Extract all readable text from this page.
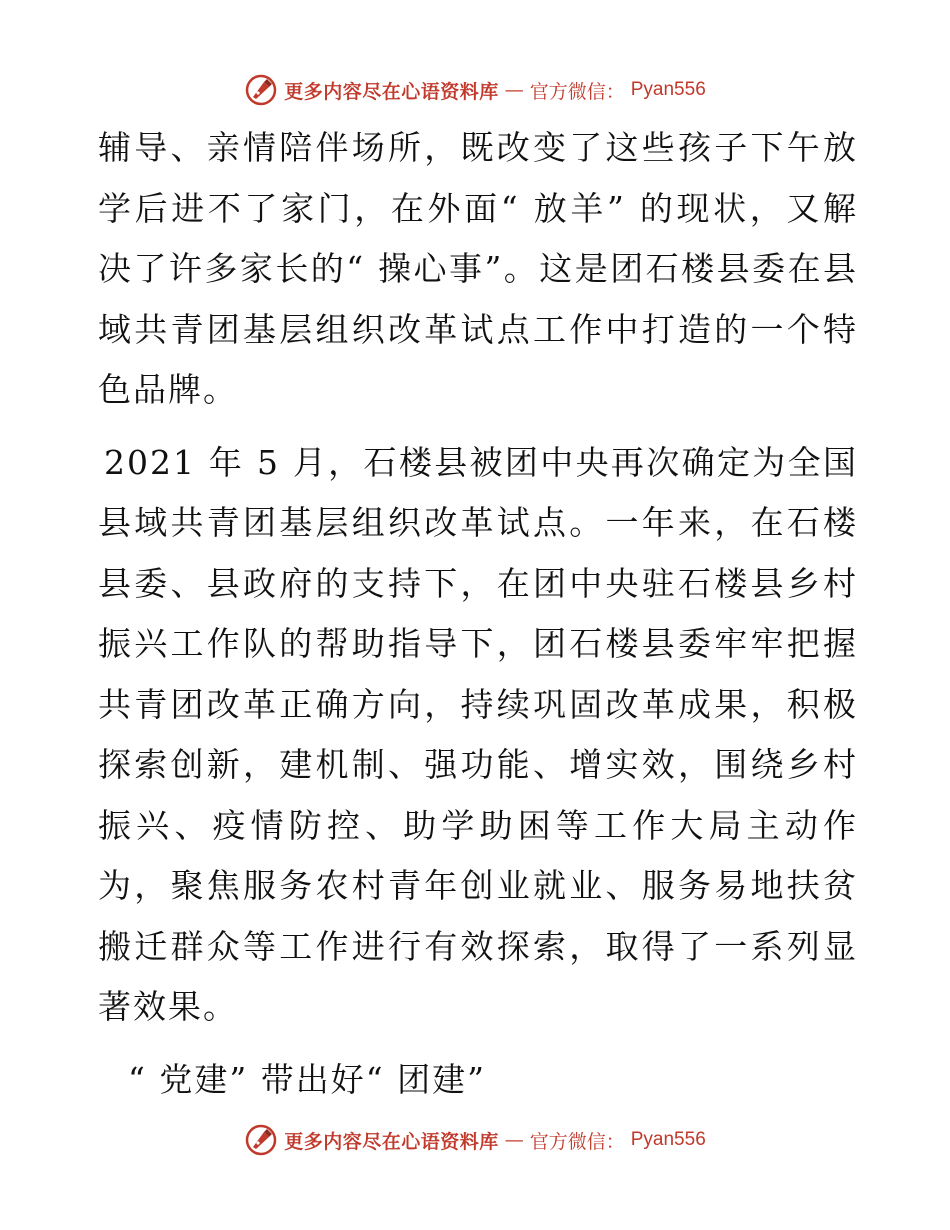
更多内容尽在心语资料库 — 官方微信： Pyan556

辅导、亲情陪伴场所，既改变了这些孩子下午放学后进不了家门，在外面“ 放羊” 的现状，又解决了许多家长的“ 操心事”。这是团石楼县委在县域共青团基层组织改革试点工作中打造的一个特色品牌。

2021 年 5 月，石楼县被团中央再次确定为全国县域共青团基层组织改革试点。一年来，在石楼县委、县政府的支持下，在团中央驻石楼县乡村振兴工作队的帮助指导下，团石楼县委牢牢把握共青团改革正确方向，持续巩固改革成果，积极探索创新，建机制、强功能、增实效，围绕乡村振兴、疫情防控、助学助困等工作大局主动作为，聚焦服务农村青年创业就业、服务易地扶贫搬迁群众等工作进行有效探索，取得了一系列显著效果。

“ 党建” 带出好“ 团建”

更多内容尽在心语资料库 — 官方微信： Pyan556
